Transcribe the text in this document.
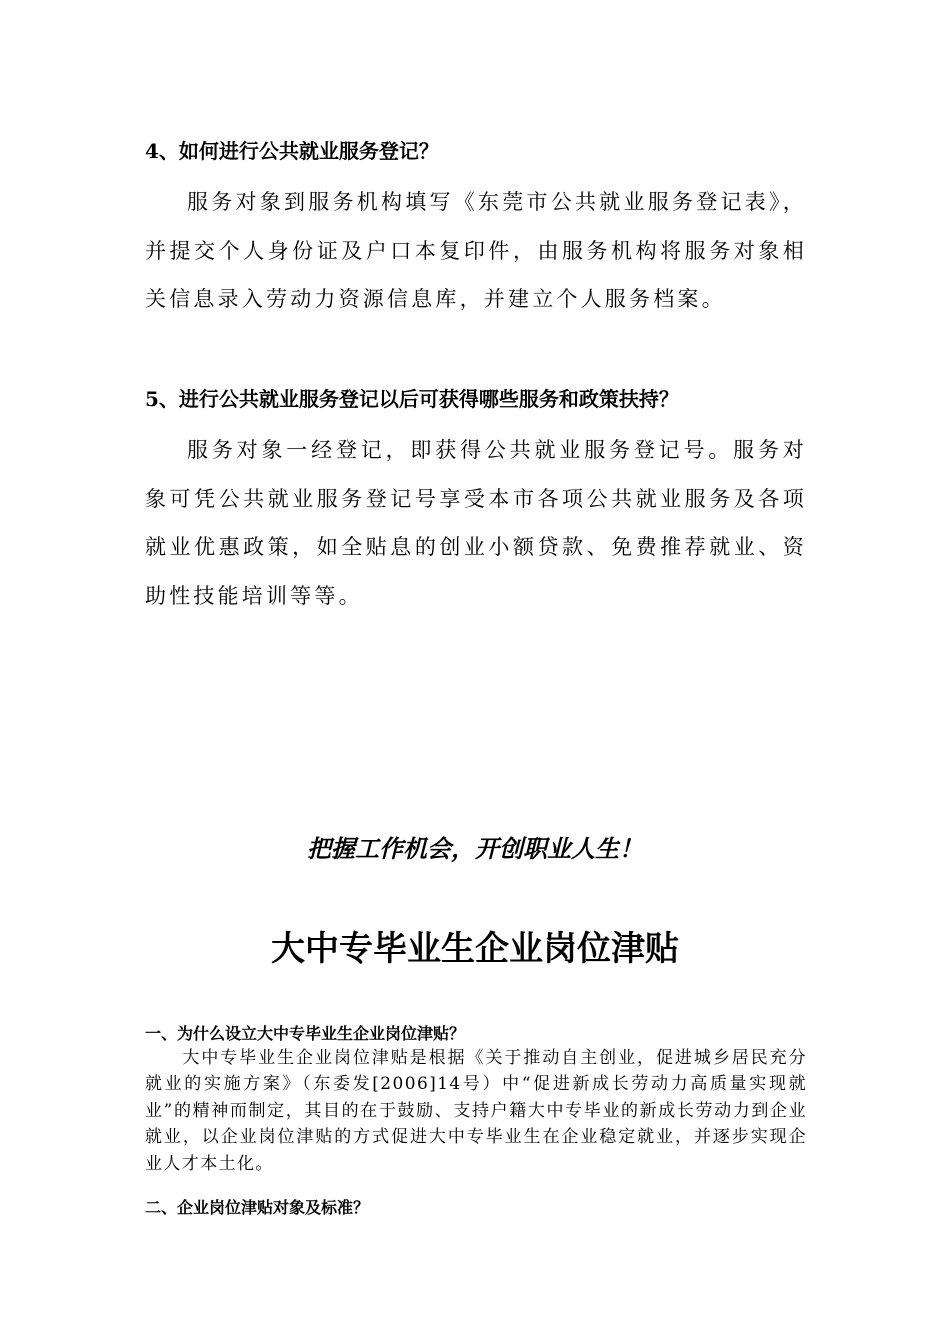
4、如何进行公共就业服务登记？

服务对象到服务机构填写《东莞市公共就业服务登记表》，并提交个人身份证及户口本复印件，由服务机构将服务对象相关信息录入劳动力资源信息库，并建立个人服务档案。

5、进行公共就业服务登记以后可获得哪些服务和政策扶持？

服务对象一经登记，即获得公共就业服务登记号。服务对象可凭公共就业服务登记号享受本市各项公共就业服务及各项就业优惠政策，如全贴息的创业小额贷款、免费推荐就业、资助性技能培训等等。

把握工作机会，开创职业人生！

大中专毕业生企业岗位津贴
一、为什么设立大中专毕业生企业岗位津贴？

大中专毕业生企业岗位津贴是根据《关于推动自主创业，促进城乡居民充分就业的实施方案》（东委发[2006]14号）中“促进新成长劳动力高质量实现就业”的精神而制定，其目的在于鼓励、支持户籍大中专毕业的新成长劳动力到企业就业，以企业岗位津贴的方式促进大中专毕业生在企业稳定就业，并逐步实现企业人才本土化。

二、企业岗位津贴对象及标准？
